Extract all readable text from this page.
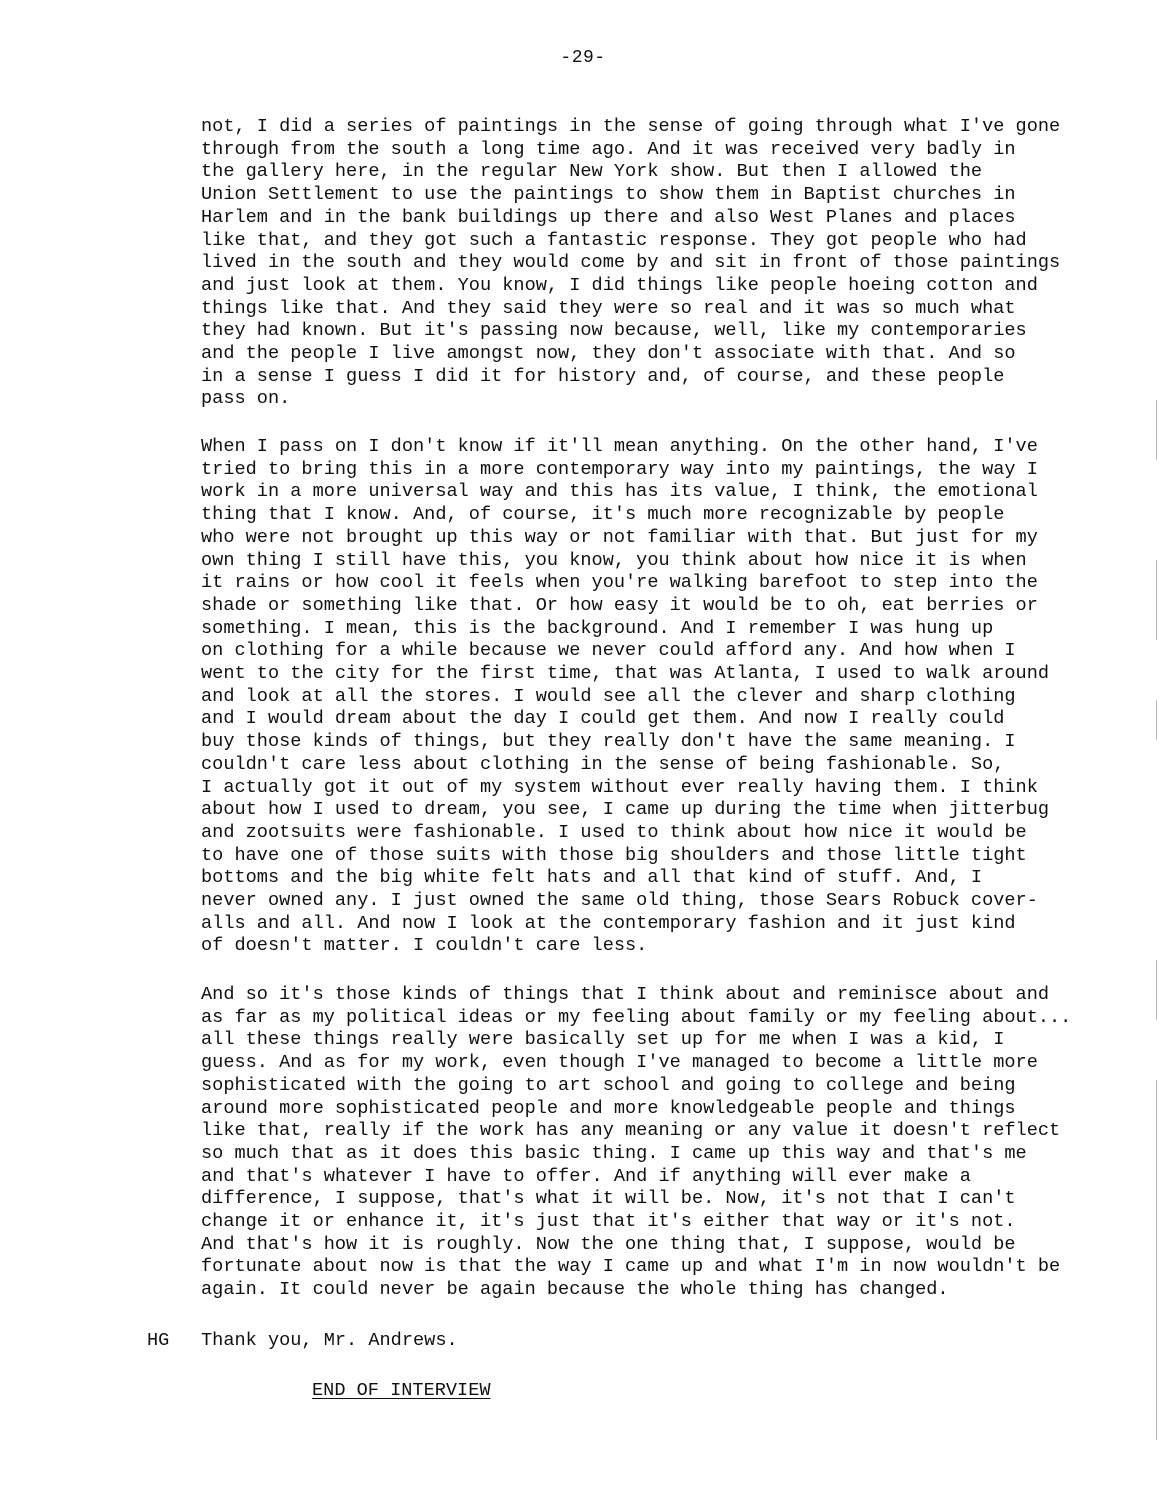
-29-
not, I did a series of paintings in the sense of going through what I've gone
through from the south a long time ago. And it was received very badly in
the gallery here, in the regular New York show. But then I allowed the
Union Settlement to use the paintings to show them in Baptist churches in
Harlem and in the bank buildings up there and also West Planes and places
like that, and they got such a fantastic response. They got people who had
lived in the south and they would come by and sit in front of those paintings
and just look at them. You know, I did things like people hoeing cotton and
things like that. And they said they were so real and it was so much what
they had known. But it's passing now because, well, like my contemporaries
and the people I live amongst now, they don't associate with that. And so
in a sense I guess I did it for history and, of course, and these people
pass on.
When I pass on I don't know if it'll mean anything. On the other hand, I've
tried to bring this in a more contemporary way into my paintings, the way I
work in a more universal way and this has its value, I think, the emotional
thing that I know. And, of course, it's much more recognizable by people
who were not brought up this way or not familiar with that. But just for my
own thing I still have this, you know, you think about how nice it is when
it rains or how cool it feels when you're walking barefoot to step into the
shade or something like that. Or how easy it would be to oh, eat berries or
something. I mean, this is the background. And I remember I was hung up
on clothing for a while because we never could afford any. And how when I
went to the city for the first time, that was Atlanta, I used to walk around
and look at all the stores. I would see all the clever and sharp clothing
and I would dream about the day I could get them. And now I really could
buy those kinds of things, but they really don't have the same meaning. I
couldn't care less about clothing in the sense of being fashionable. So,
I actually got it out of my system without ever really having them. I think
about how I used to dream, you see, I came up during the time when jitterbug
and zootsuits were fashionable. I used to think about how nice it would be
to have one of those suits with those big shoulders and those little tight
bottoms and the big white felt hats and all that kind of stuff. And, I
never owned any. I just owned the same old thing, those Sears Robuck cover-
alls and all. And now I look at the contemporary fashion and it just kind
of doesn't matter. I couldn't care less.
And so it's those kinds of things that I think about and reminisce about and
as far as my political ideas or my feeling about family or my feeling about...
all these things really were basically set up for me when I was a kid, I
guess. And as for my work, even though I've managed to become a little more
sophisticated with the going to art school and going to college and being
around more sophisticated people and more knowledgeable people and things
like that, really if the work has any meaning or any value it doesn't reflect
so much that as it does this basic thing. I came up this way and that's me
and that's whatever I have to offer. And if anything will ever make a
difference, I suppose, that's what it will be. Now, it's not that I can't
change it or enhance it, it's just that it's either that way or it's not.
And that's how it is roughly. Now the one thing that, I suppose, would be
fortunate about now is that the way I came up and what I'm in now wouldn't be
again. It could never be again because the whole thing has changed.
HG Thank you, Mr. Andrews.
END OF INTERVIEW
